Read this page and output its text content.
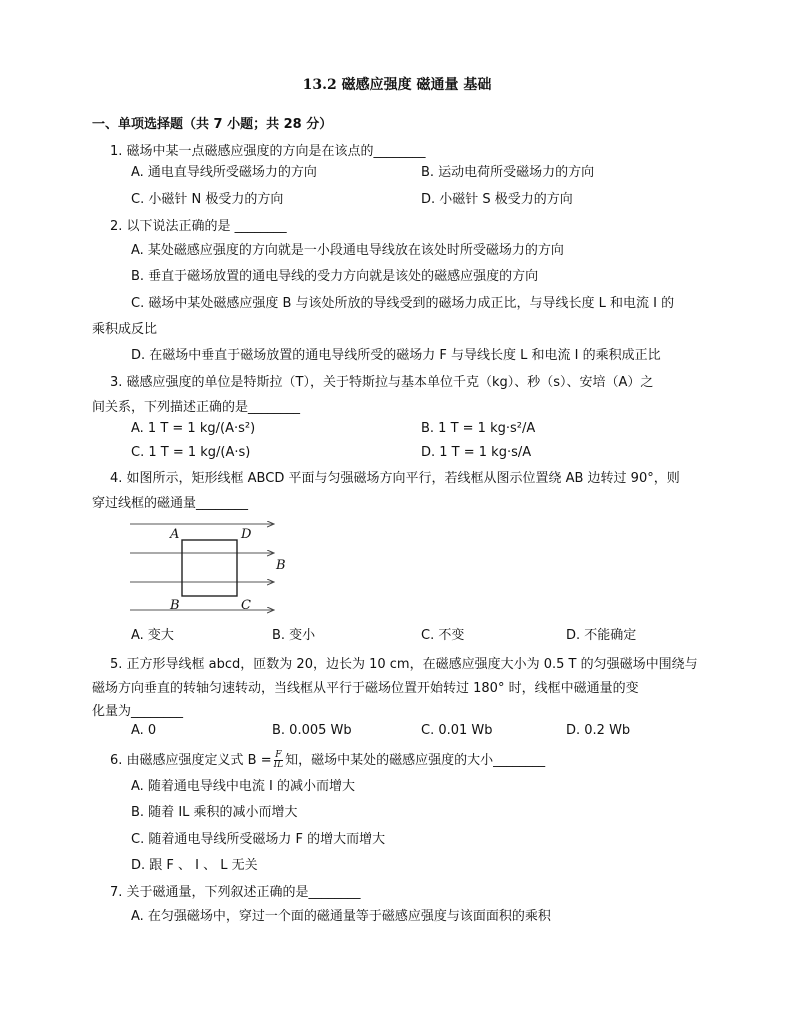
13.2 磁感应强度 磁通量 基础
一、单项选择题（共 7 小题；共 28 分）
1. 磁场中某一点磁感应强度的方向是在该点的________
A. 通电直导线所受磁场力的方向	B. 运动电荷所受磁场力的方向
C. 小磁针 N 极受力的方向	D. 小磁针 S 极受力的方向
2. 以下说法正确的是 ________
A. 某处磁感应强度的方向就是一小段通电导线放在该处时所受磁场力的方向
B. 垂直于磁场放置的通电导线的受力方向就是该处的磁感应强度的方向
C. 磁场中某处磁感应强度 B 与该处所放的导线受到的磁场力成正比，与导线长度 L 和电流 I 的
乘积成反比
D. 在磁场中垂直于磁场放置的通电导线所受的磁场力 F 与导线长度 L 和电流 I 的乘积成正比
3. 磁感应强度的单位是特斯拉（T），关于特斯拉与基本单位千克（kg）、秒（s）、安培（A）之
间关系，下列描述正确的是________
A. 1 T = 1 kg/(A·s²)	B. 1 T = 1 kg·s²/A
C. 1 T = 1 kg/(A·s)	D. 1 T = 1 kg·s/A
4. 如图所示，矩形线框 ABCD 平面与匀强磁场方向平行，若线框从图示位置绕 AB 边转过 90°，则
穿过线框的磁通量________
A	D
B
B	C
A. 变大	B. 变小	C. 不变	D. 不能确定
5. 正方形导线框 abcd，匝数为 20，边长为 10 cm，在磁感应强度大小为 0.5 T 的匀强磁场中围绕与
磁场方向垂直的转轴匀速转动，当线框从平行于磁场位置开始转过 180° 时，线框中磁通量的变
化量为________
A. 0	B. 0.005 Wb	C. 0.01 Wb	D. 0.2 Wb
6. 由磁感应强度定义式 $B = \frac{F}{IL}$ 知，磁场中某处的磁感应强度的大小________
A. 随着通电导线中电流 I 的减小而增大
B. 随着 IL 乘积的减小而增大
C. 随着通电导线所受磁场力 F 的增大而增大
D. 跟 F 、 I 、 L 无关
7. 关于磁通量，下列叙述正确的是________
A. 在匀强磁场中，穿过一个面的磁通量等于磁感应强度与该面面积的乘积
